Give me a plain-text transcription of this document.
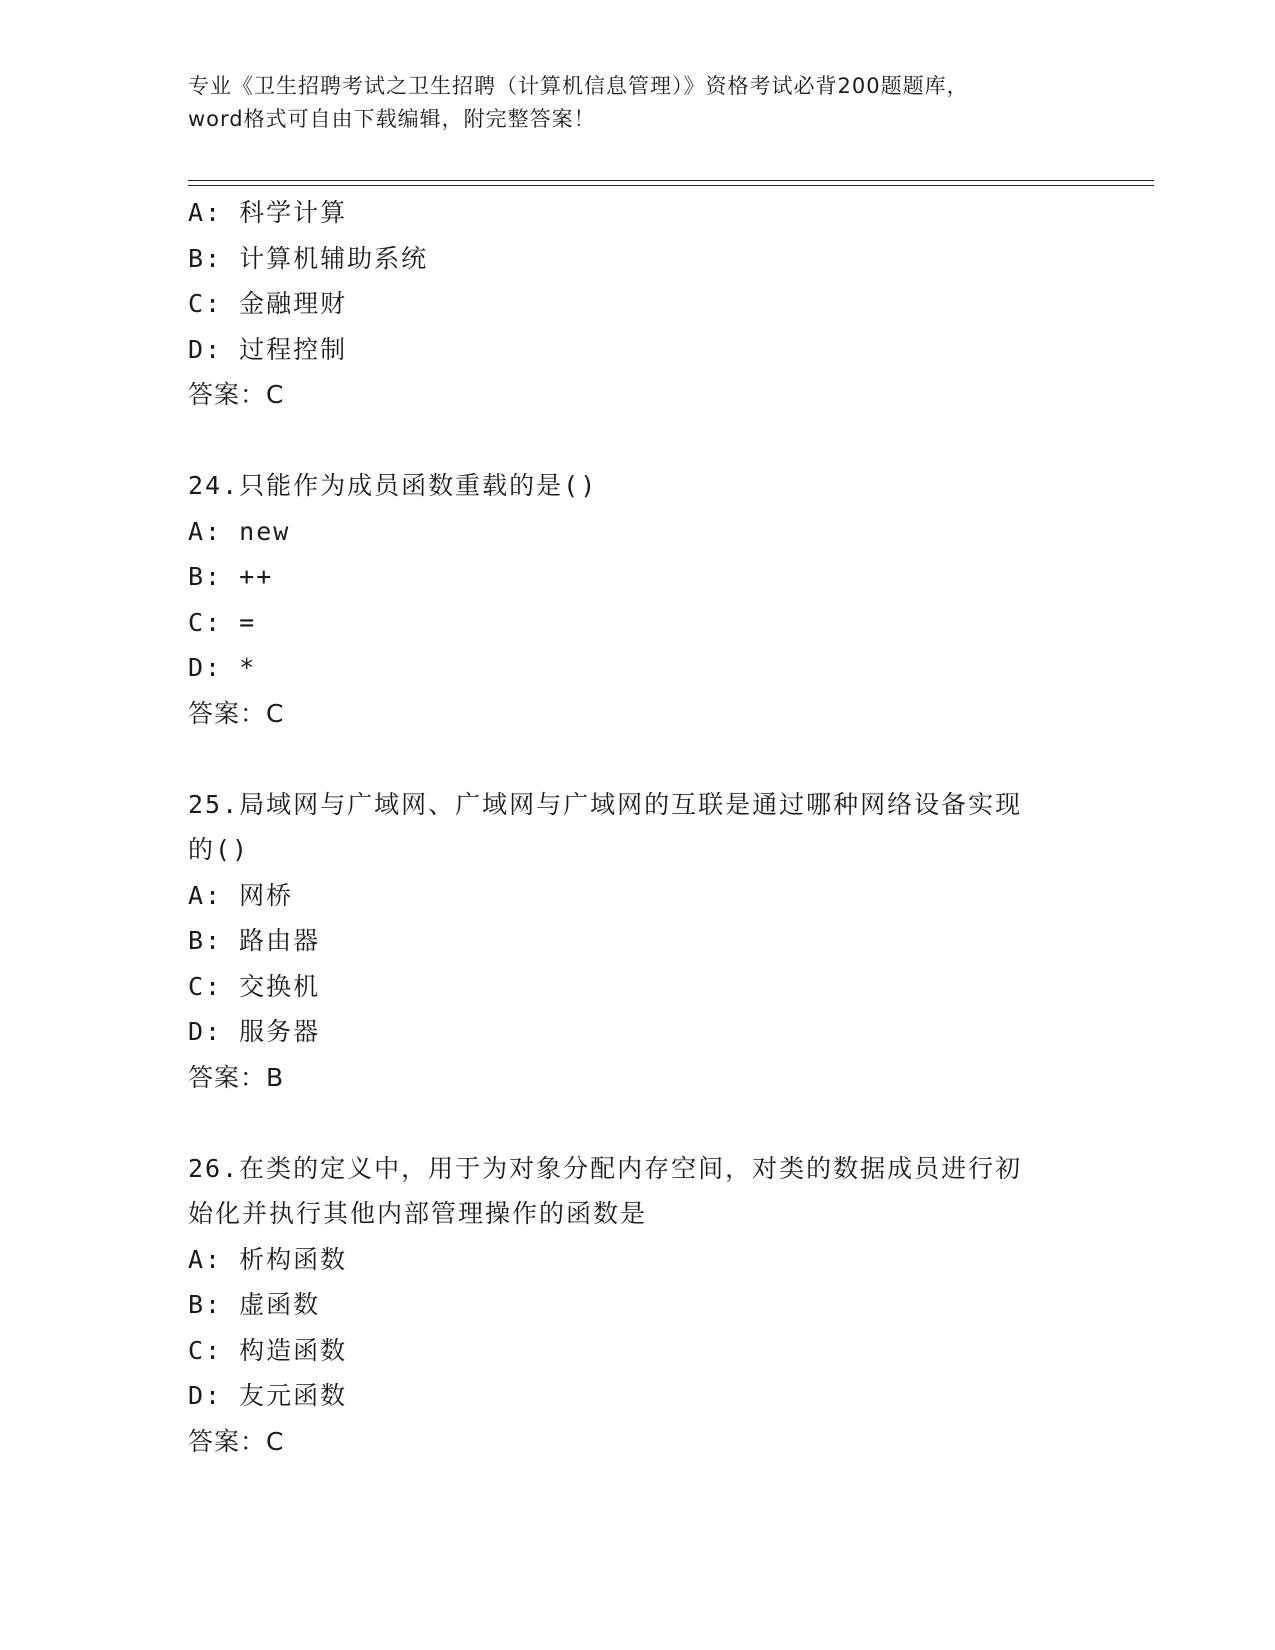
专业《卫生招聘考试之卫生招聘（计算机信息管理）》资格考试必背200题题库，
word格式可自由下载编辑，附完整答案！
A: 科学计算
B: 计算机辅助系统
C: 金融理财
D: 过程控制
答案：C
24.只能作为成员函数重载的是()
A: new
B: ++
C: =
D: *
答案：C
25.局域网与广域网、广域网与广域网的互联是通过哪种网络设备实现
的()
A: 网桥
B: 路由器
C: 交换机
D: 服务器
答案：B
26.在类的定义中，用于为对象分配内存空间，对类的数据成员进行初
始化并执行其他内部管理操作的函数是
A: 析构函数
B: 虚函数
C: 构造函数
D: 友元函数
答案：C
